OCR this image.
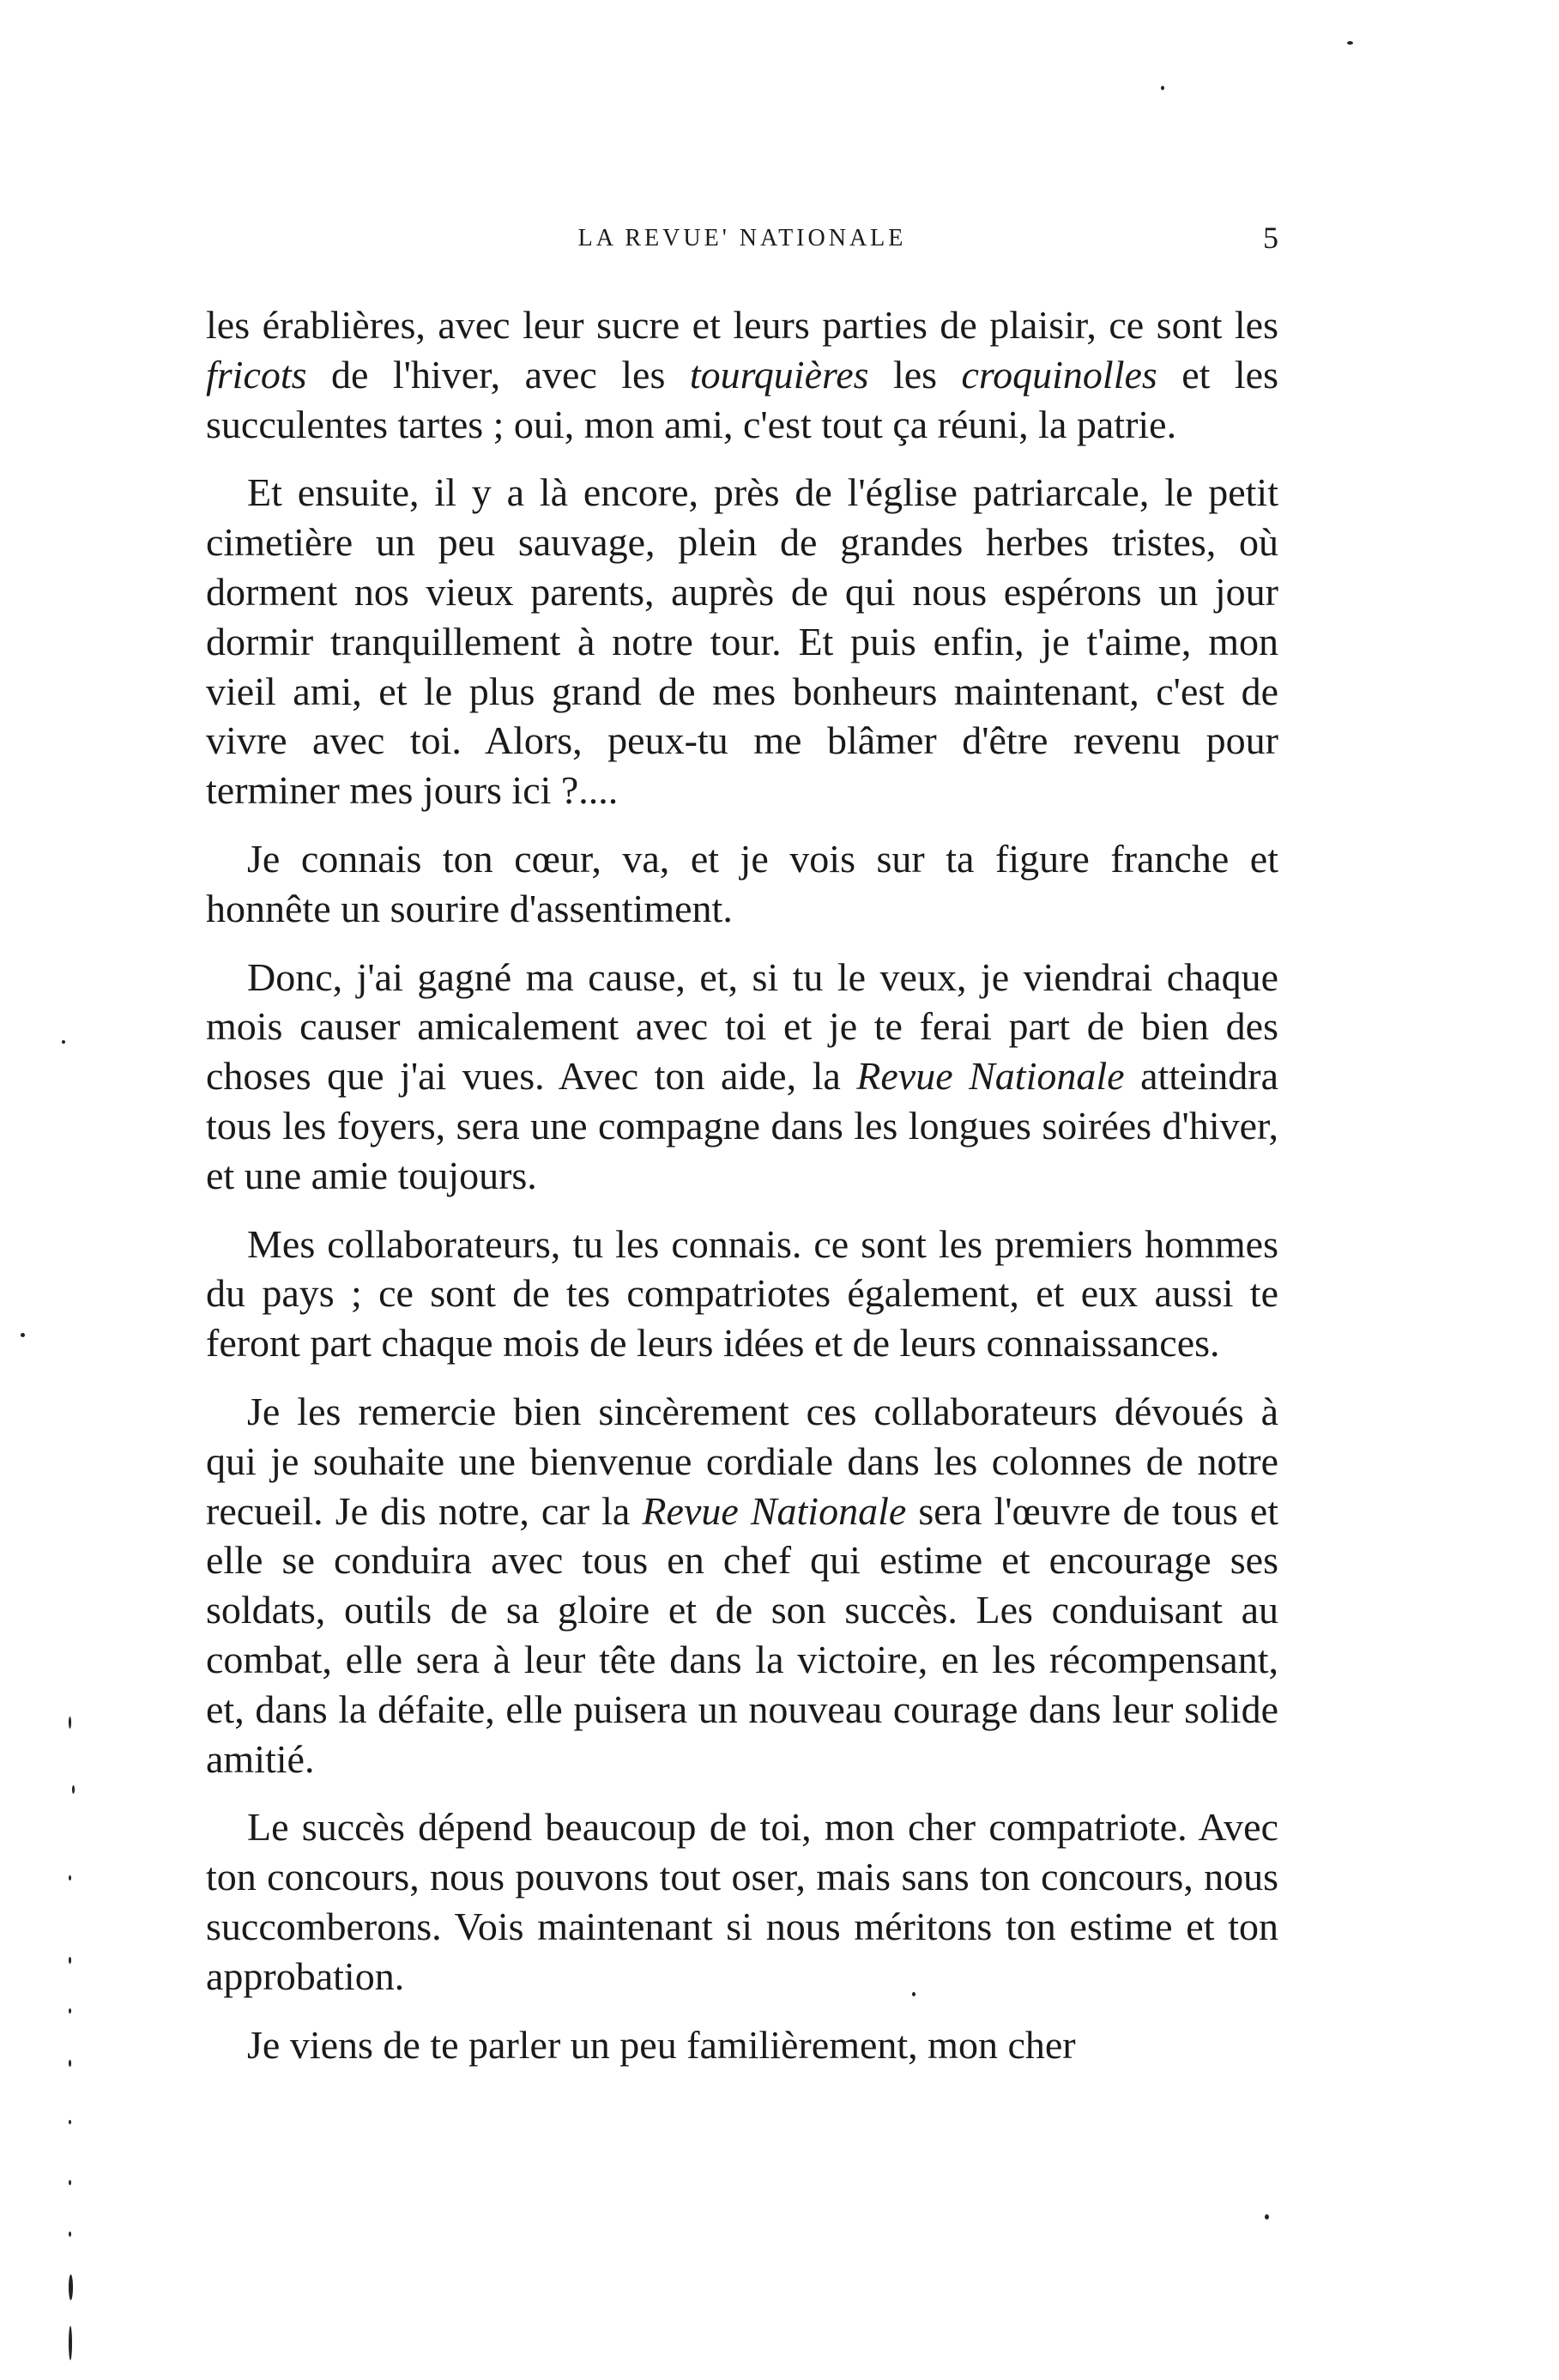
LA REVUE' NATIONALE	5

les érablières, avec leur sucre et leurs parties de plaisir, ce sont les fricots de l'hiver, avec les tourquières les croquinolles et les succulentes tartes ; oui, mon ami, c'est tout ça réuni, la patrie.

Et ensuite, il y a là encore, près de l'église patriarcale, le petit cimetière un peu sauvage, plein de grandes herbes tristes, où dorment nos vieux parents, auprès de qui nous espérons un jour dormir tranquillement à notre tour. Et puis enfin, je t'aime, mon vieil ami, et le plus grand de mes bonheurs maintenant, c'est de vivre avec toi. Alors, peux-tu me blâmer d'être revenu pour terminer mes jours ici ?....

Je connais ton cœur, va, et je vois sur ta figure franche et honnête un sourire d'assentiment.

Donc, j'ai gagné ma cause, et, si tu le veux, je viendrai chaque mois causer amicalement avec toi et je te ferai part de bien des choses que j'ai vues. Avec ton aide, la Revue Nationale atteindra tous les foyers, sera une compagne dans les longues soirées d'hiver, et une amie toujours.

Mes collaborateurs, tu les connais. ce sont les premiers hommes du pays ; ce sont de tes compatriotes également, et eux aussi te feront part chaque mois de leurs idées et de leurs connaissances.

Je les remercie bien sincèrement ces collaborateurs dévoués à qui je souhaite une bienvenue cordiale dans les colonnes de notre recueil. Je dis notre, car la Revue Nationale sera l'œuvre de tous et elle se conduira avec tous en chef qui estime et encourage ses soldats, outils de sa gloire et de son succès. Les conduisant au combat, elle sera à leur tête dans la victoire, en les récompensant, et, dans la défaite, elle puisera un nouveau courage dans leur solide amitié.

Le succès dépend beaucoup de toi, mon cher compatriote. Avec ton concours, nous pouvons tout oser, mais sans ton concours, nous succomberons. Vois maintenant si nous méritons ton estime et ton approbation.

Je viens de te parler un peu familièrement, mon cher
